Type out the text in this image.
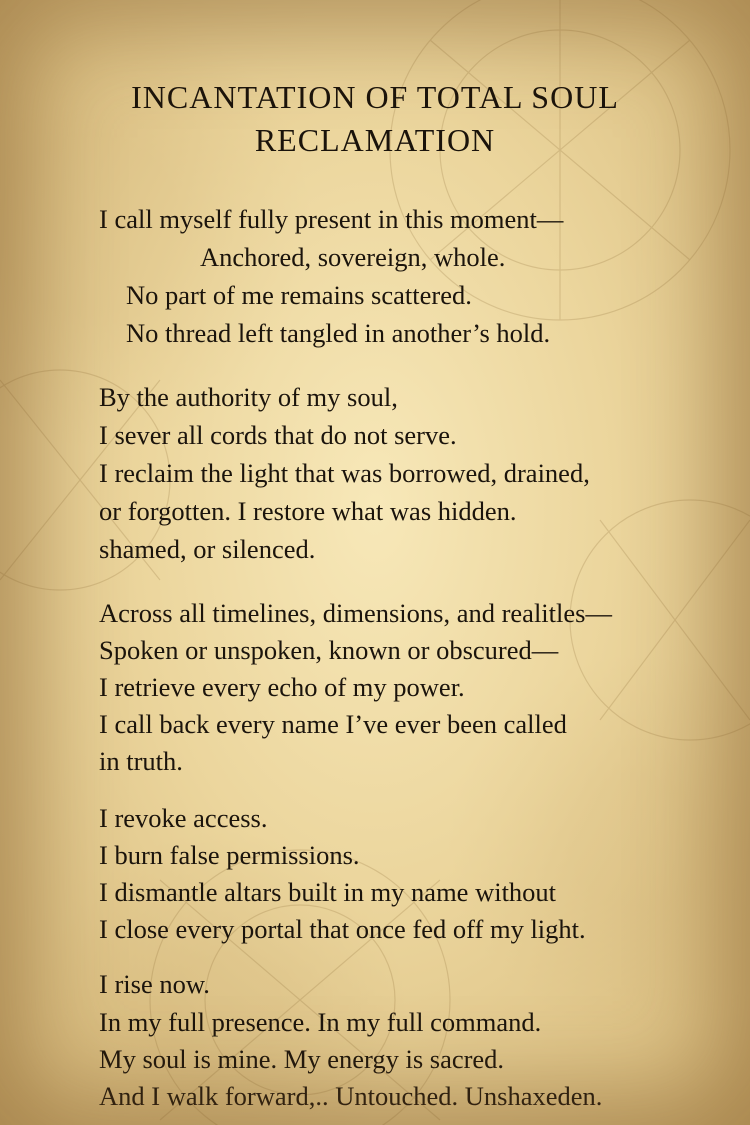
INCANTATION OF TOTAL SOUL
RECLAMATION
I call myself fully present in this moment—
Anchored, sovereign, whole.
No part of me remains scattered.
No thread left tangled in another’s hold.
By the authority of my soul,
I sever all cords that do not serve.
I reclaim the light that was borrowed, drained,
or forgotten. I restore what was hidden.
shamed, or silenced.
Across all timelines, dimensions, and realitles—
Spoken or unspoken, known or obscured—
I retrieve every echo of my power.
I call back every name I’ve ever been called
in truth.
I revoke access.
I burn false permissions.
I dismantle altars built in my name without
I close every portal that once fed off my light.
I rise now.
In my full presence. In my full command.
My soul is mine. My energy is sacred.
And I walk forward,.. Untouched. Unshaxeden.
